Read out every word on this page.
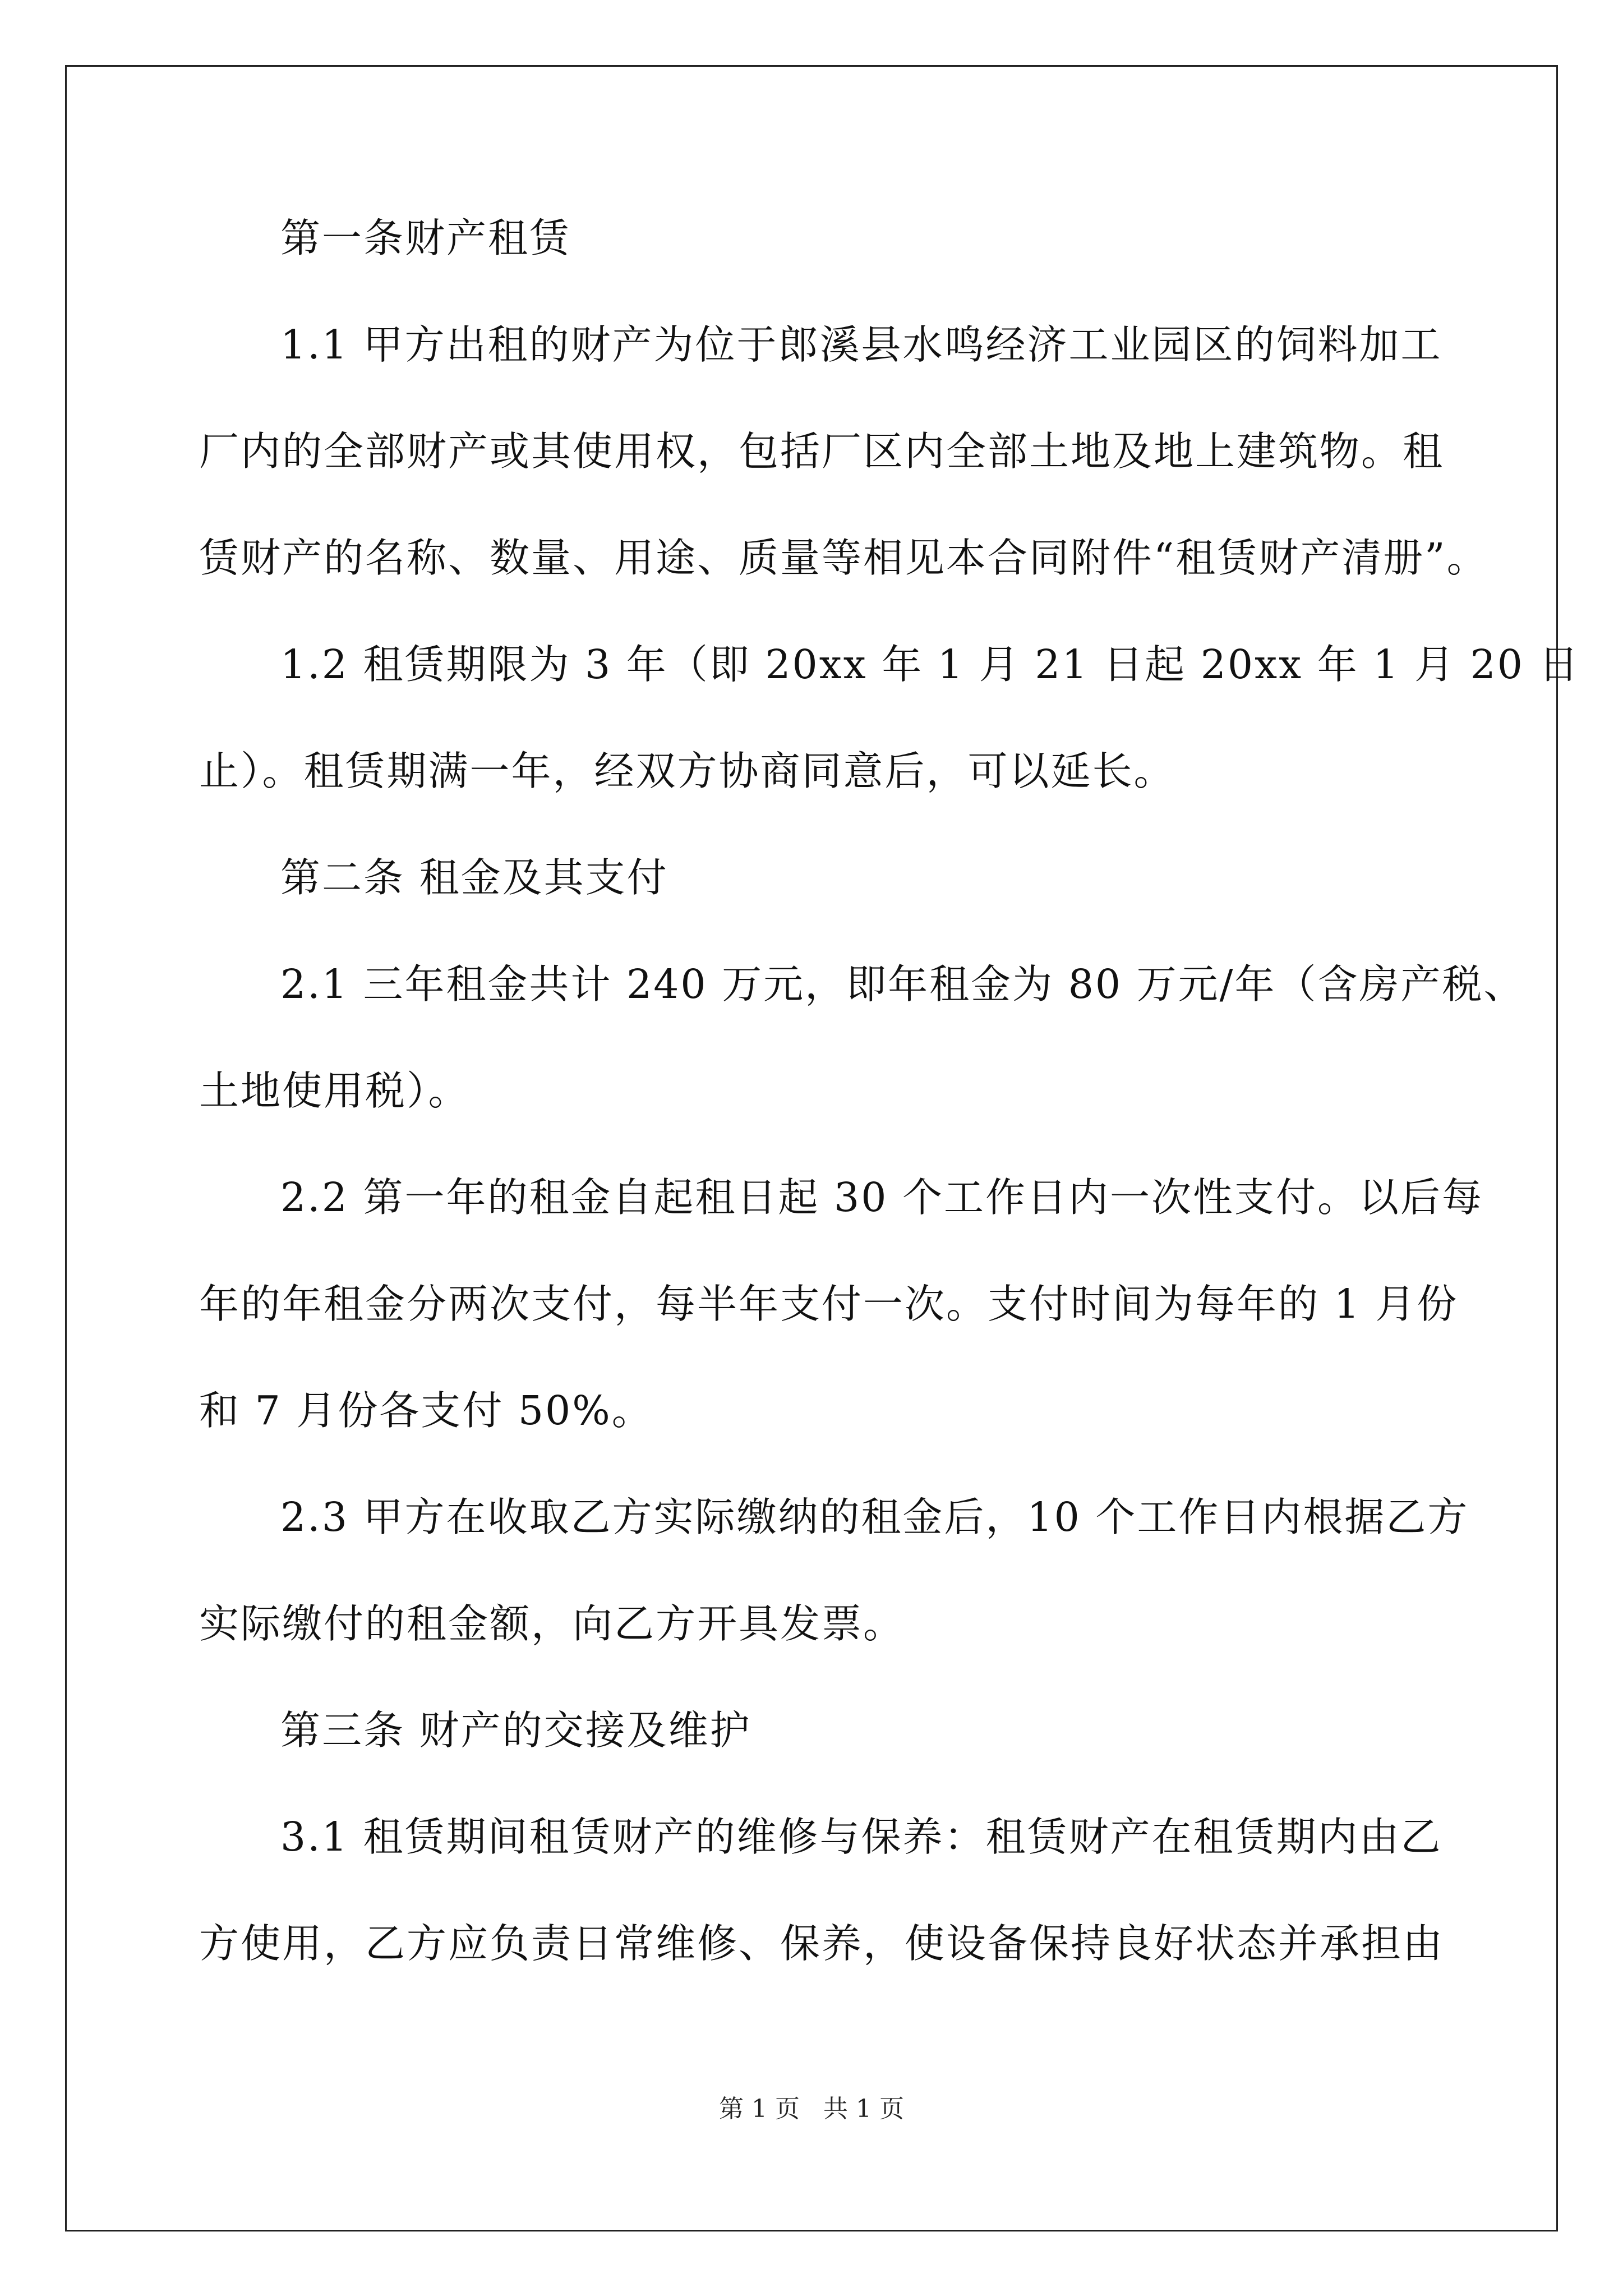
第一条财产租赁
1.1 甲方出租的财产为位于郎溪县水鸣经济工业园区的饲料加工
厂内的全部财产或其使用权，包括厂区内全部土地及地上建筑物。租
赁财产的名称、数量、用途、质量等相见本合同附件“租赁财产清册”。
1.2 租赁期限为 3 年（即 20xx 年 1 月 21 日起 20xx 年 1 月 20 日
止）。租赁期满一年，经双方协商同意后，可以延长。
第二条 租金及其支付
2.1 三年租金共计 240 万元，即年租金为 80 万元/年（含房产税、
土地使用税）。
2.2 第一年的租金自起租日起 30 个工作日内一次性支付。以后每
年的年租金分两次支付，每半年支付一次。支付时间为每年的 1 月份
和 7 月份各支付 50%。
2.3 甲方在收取乙方实际缴纳的租金后，10 个工作日内根据乙方
实际缴付的租金额，向乙方开具发票。
第三条 财产的交接及维护
3.1 租赁期间租赁财产的维修与保养：租赁财产在租赁期内由乙
方使用，乙方应负责日常维修、保养，使设备保持良好状态并承担由
第 1 页   共 1 页
